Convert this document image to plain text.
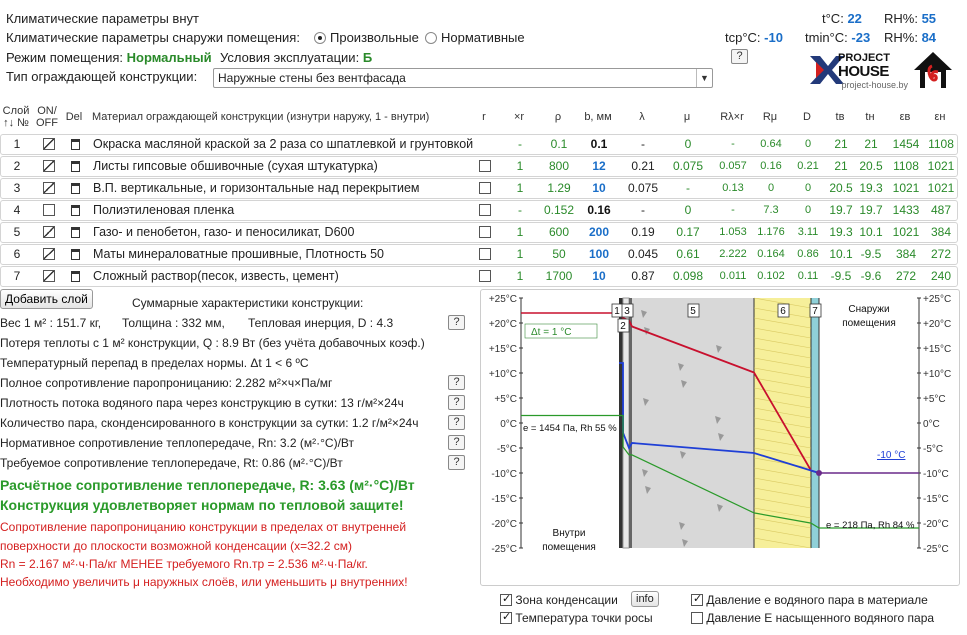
Климатические параметры внут
Климатические параметры снаружи помещения:	Произвольные	Нормативные
Режим помещения: Нормальный Условия эксплуатации: Б
Тип ограждающей конструкции:	Наружные стены без вентфасада	▼
t°C: 22 RH%: 55
tср°C: -10 tmin°C: -23 RH%: 84
?	PROJECT
HOUSE
project-house.by
Слой
↑↓ №
ON/
OFF Del Материал ограждающей конструкции (изнутри наружу, 1 - внутри)	r	×r	ρ	b, мм	λ	μ	Rλ×r	Rμ	D	tв	tн	εв	εн
1	Окраска масляной краской за 2 раза со шпатлевкой и грунтовкой	-	0.1	0.1	-	0	-	0.64	0	21	21	1454 1108
2	Листы гипсовые обшивочные (сухая штукатурка)	1	800	12	0.21	0.075	0.057	0.16	0.21	21 20.5 1108 1021
3	В.П. вертикальные, и горизонтальные над перекрытием	1	1.29	10	0.075	-	0.13	0	0	20.5 19.3 1021 1021
4	Полиэтиленовая пленка	-	0.152	0.16	-	0	-	7.3	0	19.7 19.7 1433 487
5	Газо- и пенобетон, газо- и пеносиликат, D600	1	600	200	0.19	0.17	1.053 1.176	3.11 19.3 10.1 1021 384
6	Маты минераловатные прошивные, Плотность 50	1	50	100	0.045	0.61	2.222 0.164	0.86 10.1 -9.5	384	272
7	Сложный раствор(песок, известь, цемент)	1	1700	10	0.87	0.098	0.011 0.102	0.11	-9.5 -9.6	272	240
Добавить слой	Суммарные характеристики конструкции:
Вес 1 м² : 151.7 кг, Толщина : 332 мм, Тепловая инерция, D : 4.3	?
Потеря теплоты с 1 м² конструкции, Q : 8.9 Вт (без учёта добавочных коэф.)
Температурный перепад в пределах нормы. Δt 1 < 6 ºC
Полное сопротивление паропроницанию: 2.282 м²×ч×Па/мг	?
Плотность потока водяного пара через конструкцию в сутки: 13 г/м²×24ч	?
Количество пара, сконденсированного в конструкции за сутки: 1.2 г/м²×24ч	?
Нормативное сопротивление теплопередаче, Rn: 3.2 (м²·°С)/Вт	?
Требуемое сопротивление теплопередаче, Rt: 0.86 (м²·°С)/Вт	?
Расчётное сопротивление теплопередаче, R: 3.63 (м²·°С)/Вт
Конструкция удовлетворяет нормам по тепловой защите!
Сопротивление паропроницанию конструкции в пределах от внутренней
поверхности до плоскости возможной конденсации (x=32.2 см)
Rn = 2.167 м²·ч·Па/кг МЕНЕЕ требуемого Rn.тр = 2.536 м²·ч·Па/кг.
Необходимо увеличить μ наружных слоёв, или уменьшить μ внутренних!
+25°C	+25°C
+20°C	+20°C
+15°C	+15°C
+10°C	+10°C
+5°C	+5°C
0°C	0°C
-5°C	-5°C
-10°C	-10°C
-15°C	-15°C
-20°C	-20°C
-25°C	-25°C
1 3
2
5	6	7
Δt = 1 °C
e = 1454 Па, Rh 55 %
e = 218 Па, Rh 84 %
-10 °C
Внутри
помещения
Снаружи
помещения
✓ Зона конденсации	info
✓ Температура точки росы
✓ Давление e водяного пара в материале
Давление E насыщенного водяного пара
